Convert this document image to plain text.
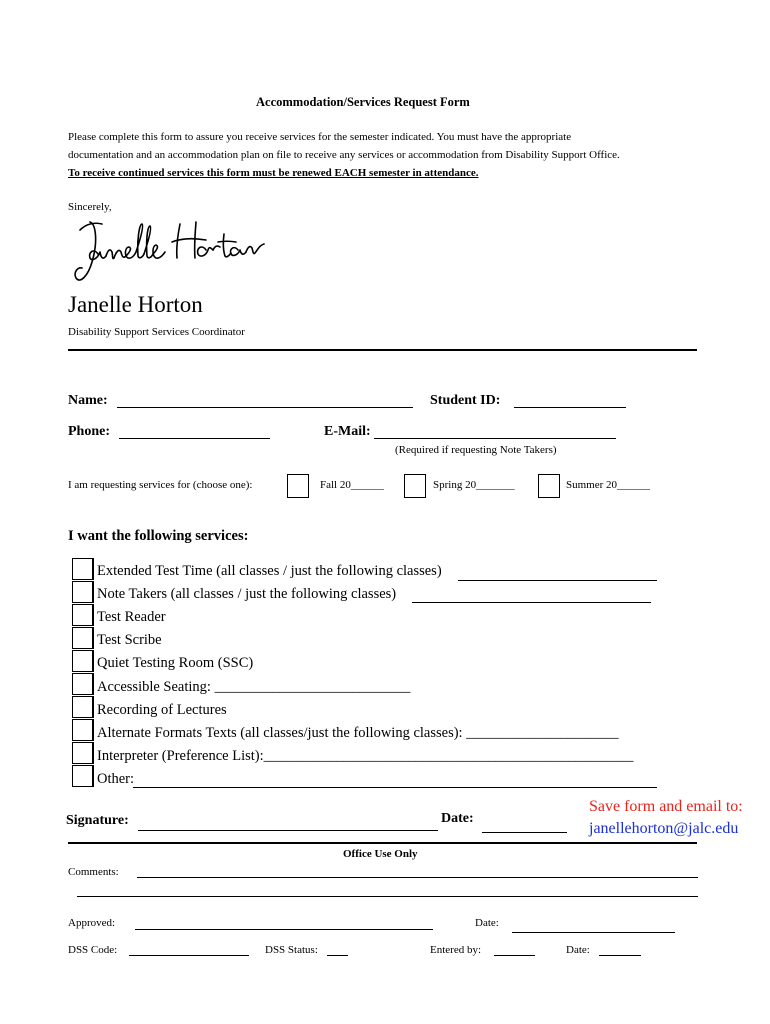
Accommodation/Services Request Form
Please complete this form to assure you receive services for the semester indicated. You must have the appropriate
documentation and an accommodation plan on file to receive any services or accommodation from Disability Support Office.
To receive continued services this form must be renewed EACH semester in attendance.
Sincerely,
Janelle Horton
Disability Support Services Coordinator
Name:	Student ID:
Phone:	E-Mail:
(Required if requesting Note Takers)
I am requesting services for (choose one):	Fall 20______	Spring 20_______	Summer 20______
I want the following services:
Extended Test Time (all classes / just the following classes)
Note Takers (all classes / just the following classes)
Test Reader
Test Scribe
Quiet Testing Room (SSC)
Accessible Seating: ___________________________
Recording of Lectures
Alternate Formats Texts (all classes/just the following classes): _____________________
Interpreter (Preference List):___________________________________________________
Other:
Signature:	Date:
Save form and email to:
janellehorton@jalc.edu
Office Use Only
Comments:
Approved:	Date:
DSS Code:	DSS Status:	Entered by:	Date:
